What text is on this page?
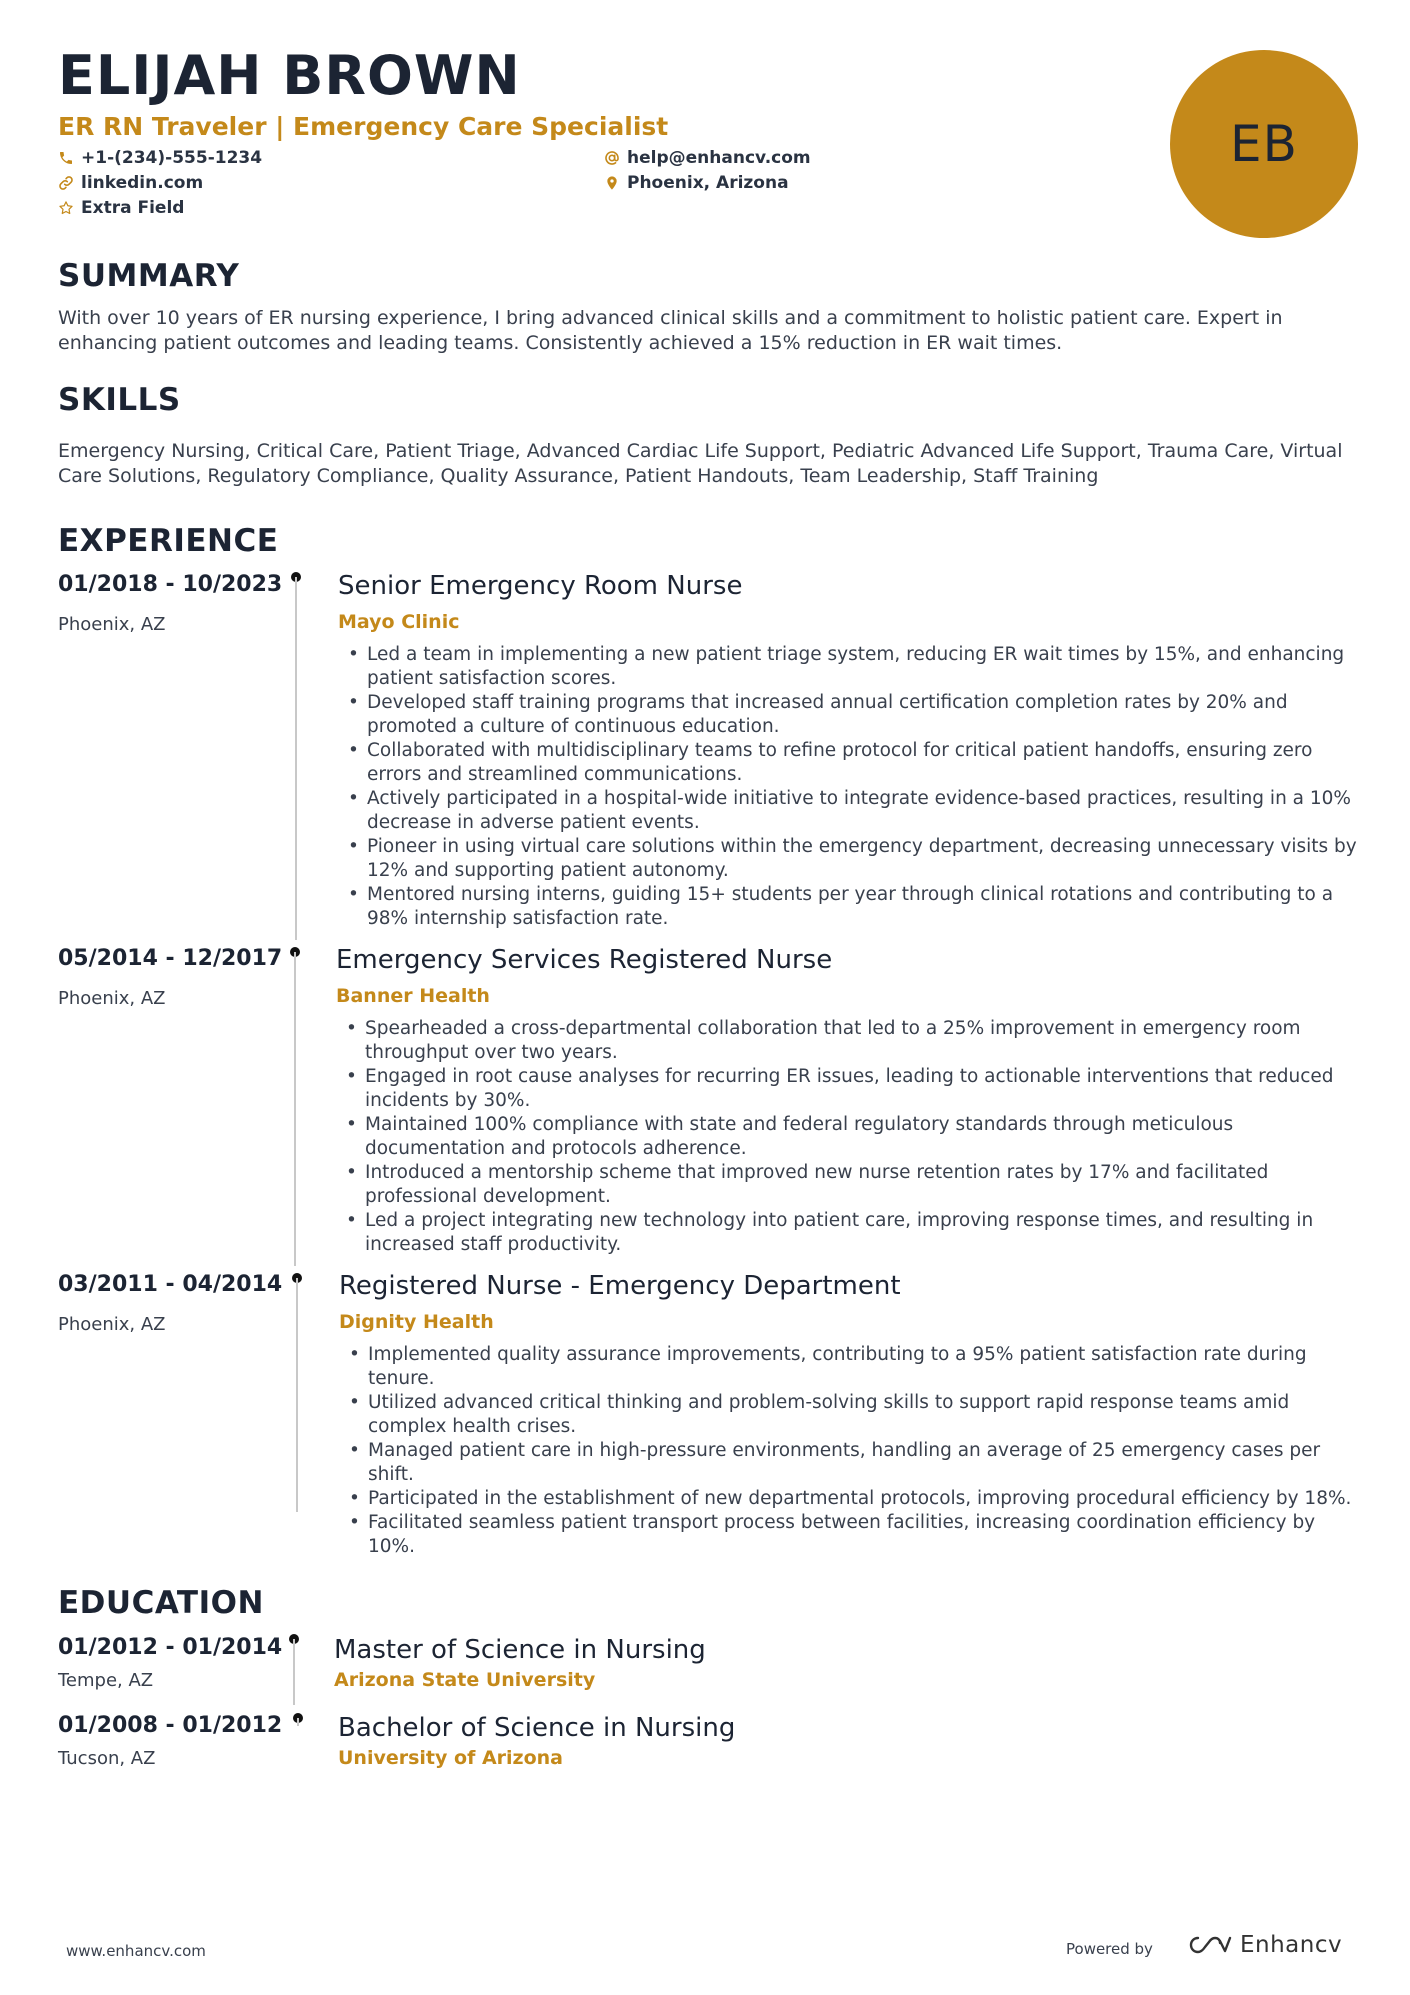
ELIJAH BROWN
ER RN Traveler | Emergency Care Specialist
+1-(234)-555-1234	help@enhancv.com
linkedin.com	Phoenix, Arizona
Extra Field
EB
SUMMARY
With over 10 years of ER nursing experience, I bring advanced clinical skills and a commitment to holistic patient care. Expert in enhancing patient outcomes and leading teams. Consistently achieved a 15% reduction in ER wait times.
SKILLS
Emergency Nursing, Critical Care, Patient Triage, Advanced Cardiac Life Support, Pediatric Advanced Life Support, Trauma Care, Virtual Care Solutions, Regulatory Compliance, Quality Assurance, Patient Handouts, Team Leadership, Staff Training
EXPERIENCE
01/2018 - 10/2023
Phoenix, AZ
Senior Emergency Room Nurse
Mayo Clinic
• Led a team in implementing a new patient triage system, reducing ER wait times by 15%, and enhancing patient satisfaction scores.
• Developed staff training programs that increased annual certification completion rates by 20% and promoted a culture of continuous education.
• Collaborated with multidisciplinary teams to refine protocol for critical patient handoffs, ensuring zero errors and streamlined communications.
• Actively participated in a hospital-wide initiative to integrate evidence-based practices, resulting in a 10% decrease in adverse patient events.
• Pioneer in using virtual care solutions within the emergency department, decreasing unnecessary visits by 12% and supporting patient autonomy.
• Mentored nursing interns, guiding 15+ students per year through clinical rotations and contributing to a 98% internship satisfaction rate.
05/2014 - 12/2017
Phoenix, AZ
Emergency Services Registered Nurse
Banner Health
• Spearheaded a cross-departmental collaboration that led to a 25% improvement in emergency room throughput over two years.
• Engaged in root cause analyses for recurring ER issues, leading to actionable interventions that reduced incidents by 30%.
• Maintained 100% compliance with state and federal regulatory standards through meticulous documentation and protocols adherence.
• Introduced a mentorship scheme that improved new nurse retention rates by 17% and facilitated professional development.
• Led a project integrating new technology into patient care, improving response times, and resulting in increased staff productivity.
03/2011 - 04/2014
Phoenix, AZ
Registered Nurse - Emergency Department
Dignity Health
• Implemented quality assurance improvements, contributing to a 95% patient satisfaction rate during tenure.
• Utilized advanced critical thinking and problem-solving skills to support rapid response teams amid complex health crises.
• Managed patient care in high-pressure environments, handling an average of 25 emergency cases per shift.
• Participated in the establishment of new departmental protocols, improving procedural efficiency by 18%.
• Facilitated seamless patient transport process between facilities, increasing coordination efficiency by 10%.
EDUCATION
01/2012 - 01/2014
Tempe, AZ
Master of Science in Nursing
Arizona State University
01/2008 - 01/2012
Tucson, AZ
Bachelor of Science in Nursing
University of Arizona
www.enhancv.com	Powered by	Enhancv
